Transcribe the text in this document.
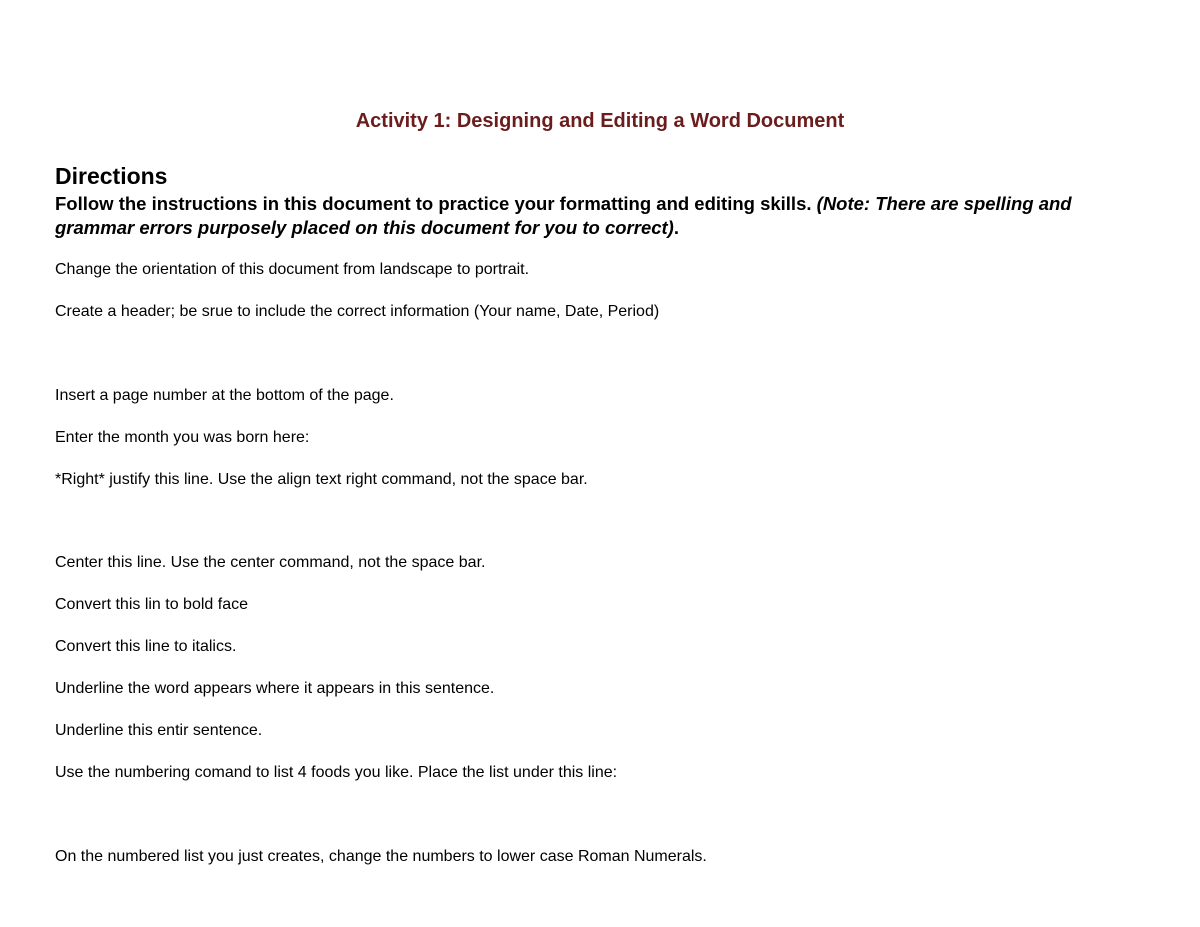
Activity 1: Designing and Editing a Word Document
Directions
Follow the instructions in this document to practice your formatting and editing skills. (Note: There are spelling and grammar errors purposely placed on this document for you to correct).
Change the orientation of this document from landscape to portrait.
Create a header; be srue to include the correct information (Your name, Date, Period)
Insert a page number at the bottom of the page.
Enter the month you was born here:
*Right* justify this line. Use the align text right command, not the space bar.
Center this line. Use the center command, not the space bar.
Convert this lin to bold face
Convert this line to italics.
Underline the word appears where it appears in this sentence.
Underline this entir sentence.
Use the numbering comand to list 4 foods you like. Place the list under this line:
On the numbered list you just creates, change the numbers to lower case Roman Numerals.
